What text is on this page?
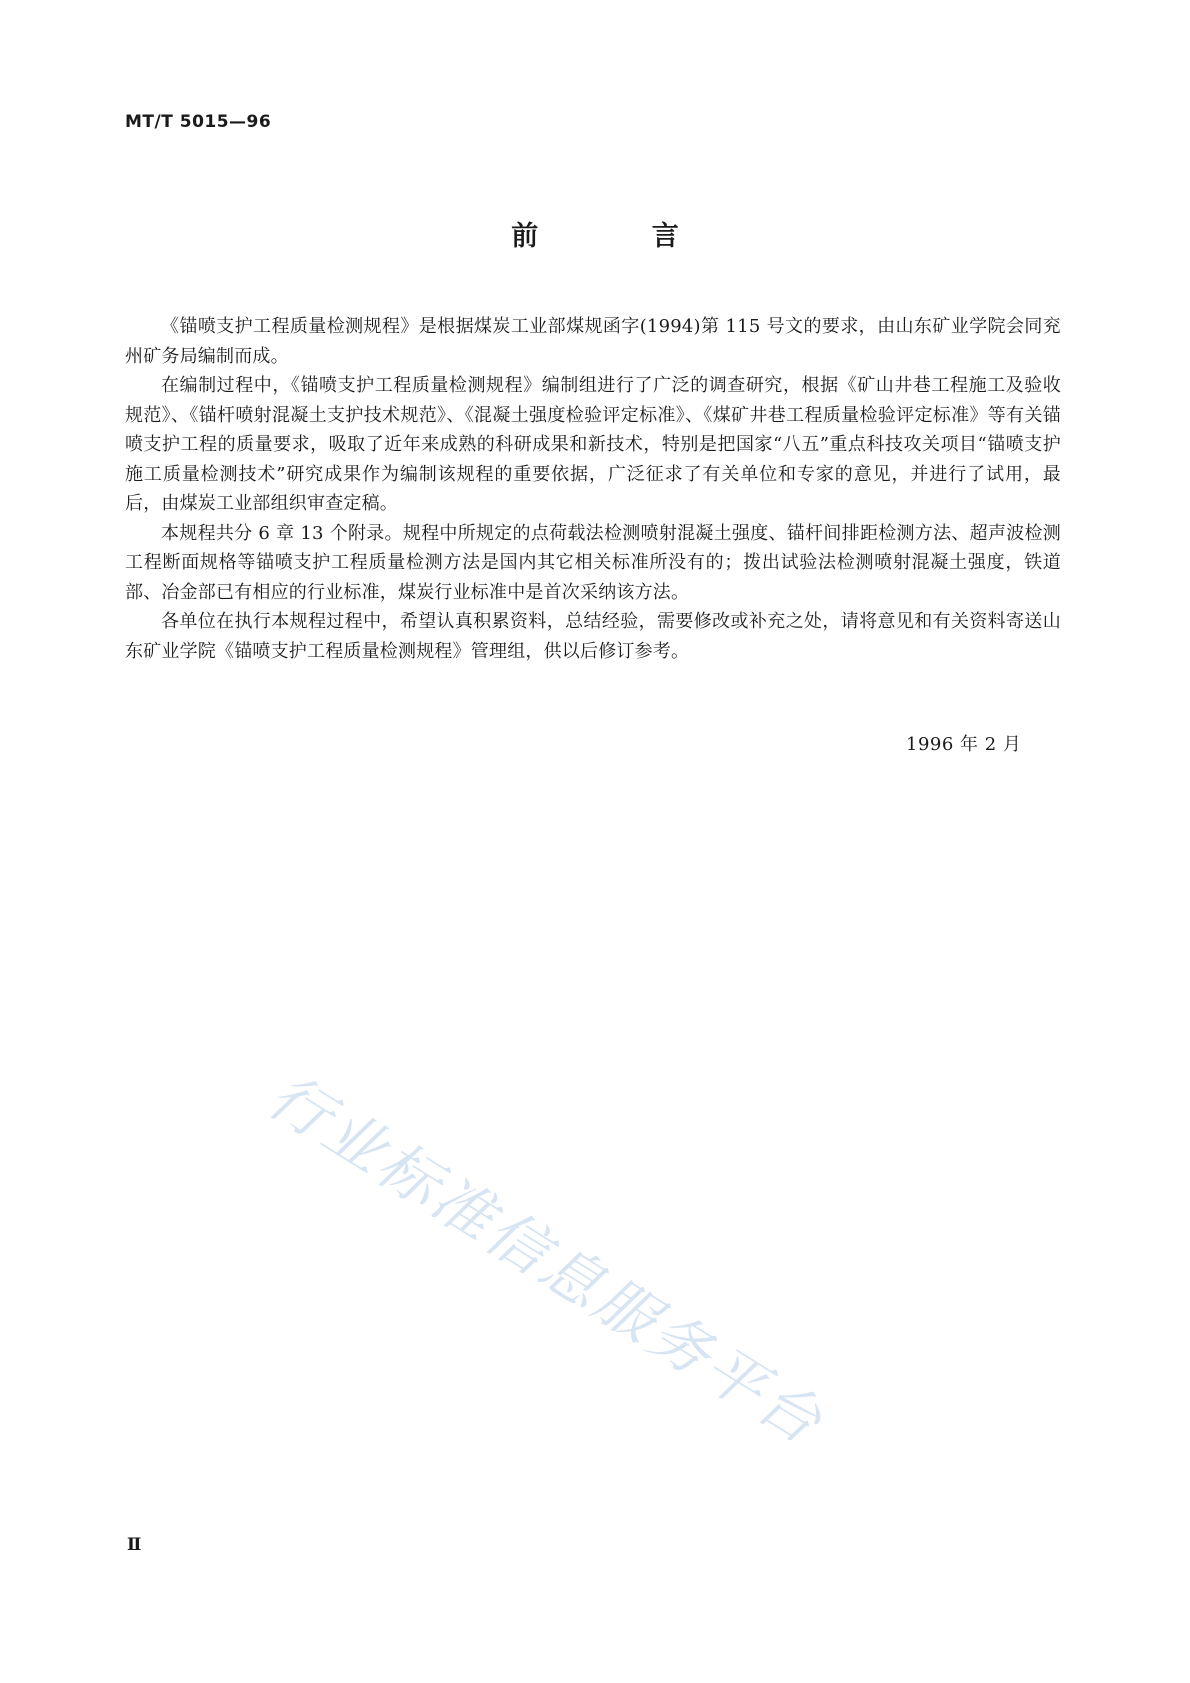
MT/T 5015—96
前 言

《锚喷支护工程质量检测规程》是根据煤炭工业部煤规函字(1994)第 115 号文的要求，由山东矿业学院会同兖州矿务局编制而成。

在编制过程中，《锚喷支护工程质量检测规程》编制组进行了广泛的调查研究，根据《矿山井巷工程施工及验收规范》、《锚杆喷射混凝土支护技术规范》、《混凝土强度检验评定标准》、《煤矿井巷工程质量检验评定标准》等有关锚喷支护工程的质量要求，吸取了近年来成熟的科研成果和新技术，特别是把国家“八五”重点科技攻关项目“锚喷支护施工质量检测技术”研究成果作为编制该规程的重要依据，广泛征求了有关单位和专家的意见，并进行了试用，最后，由煤炭工业部组织审查定稿。

本规程共分 6 章 13 个附录。规程中所规定的点荷载法检测喷射混凝土强度、锚杆间排距检测方法、超声波检测工程断面规格等锚喷支护工程质量检测方法是国内其它相关标准所没有的；拨出试验法检测喷射混凝土强度，铁道部、冶金部已有相应的行业标准，煤炭行业标准中是首次采纳该方法。

各单位在执行本规程过程中，希望认真积累资料，总结经验，需要修改或补充之处，请将意见和有关资料寄送山东矿业学院《锚喷支护工程质量检测规程》管理组，供以后修订参考。

1996 年 2 月
行业标准信息服务平台
Ⅱ
